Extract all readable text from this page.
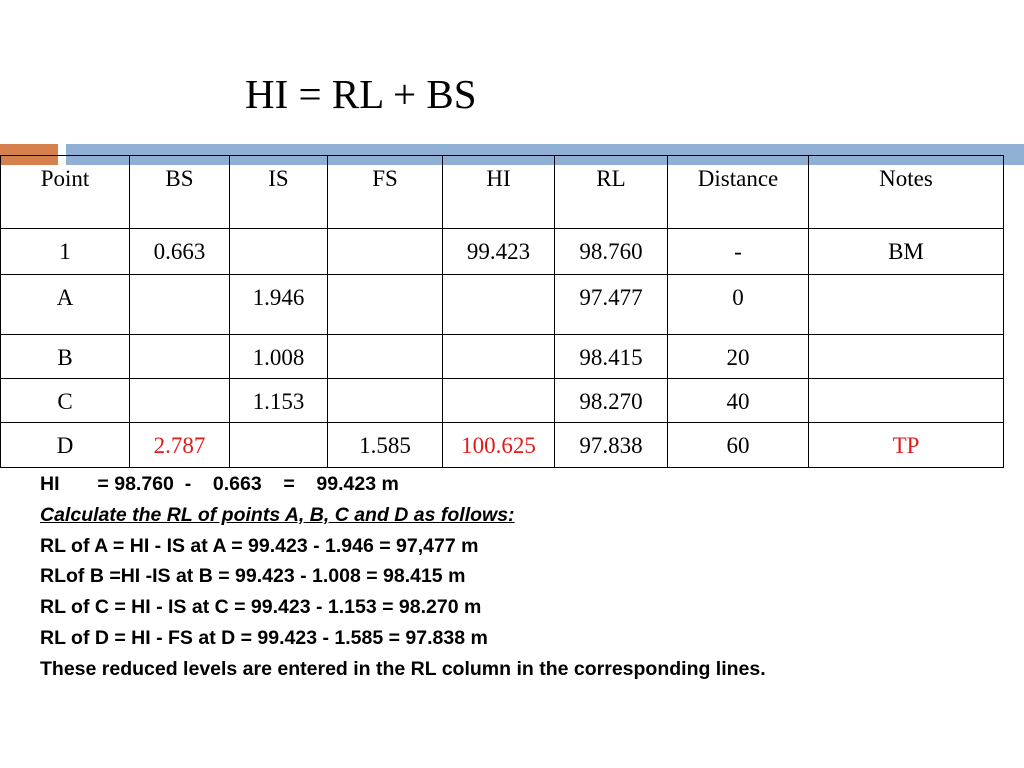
HI = RL + BS
Point	BS	IS	FS	HI	RL	Distance	Notes
1	0.663			99.423	98.760	-	BM
A		1.946			97.477	0	
B		1.008			98.415	20	
C		1.153			98.270	40	
D	2.787		1.585	100.625	97.838	60	TP
HI       = 98.760  -    0.663    =    99.423 m
Calculate the RL of points A, B, C and D as follows:
RL of A = HI - IS at A = 99.423 - 1.946 = 97,477 m
RLof B =HI -IS at B = 99.423 - 1.008 = 98.415 m
RL of C = HI - IS at C = 99.423 - 1.153 = 98.270 m
RL of D = HI - FS at D = 99.423 - 1.585 = 97.838 m
These reduced levels are entered in the RL column in the corresponding lines.
